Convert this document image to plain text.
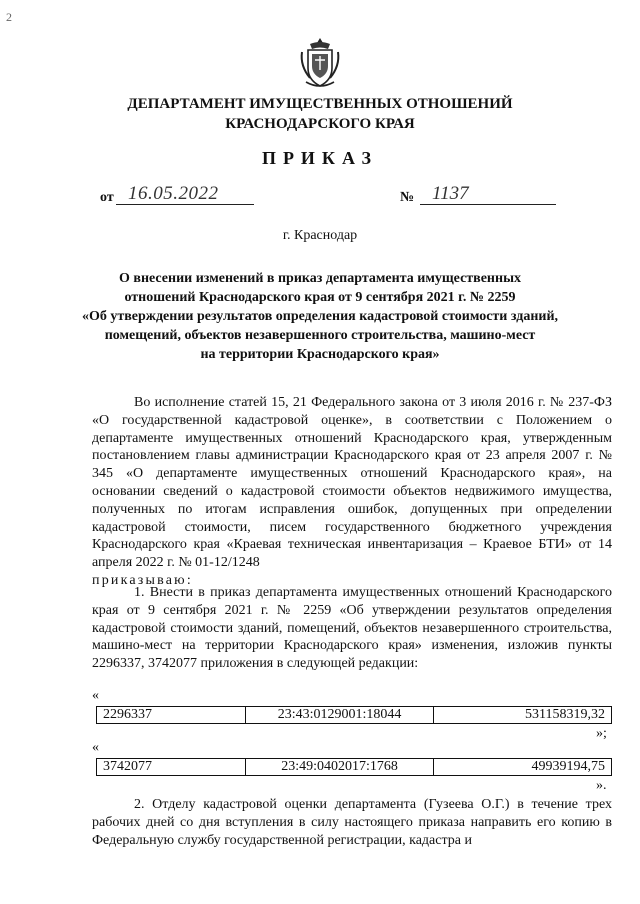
2
ДЕПАРТАМЕНТ ИМУЩЕСТВЕННЫХ ОТНОШЕНИЙ
КРАСНОДАРСКОГО КРАЯ
ПРИКАЗ
от 16.05.2022	№ 1137
г. Краснодар
О внесении изменений в приказ департамента имущественных
отношений Краснодарского края от 9 сентября 2021 г. № 2259
«Об утверждении результатов определения кадастровой стоимости зданий,
помещений, объектов незавершенного строительства, машино-мест
на территории Краснодарского края»
Во исполнение статей 15, 21 Федерального закона от 3 июля 2016 г. № 237-ФЗ «О государственной кадастровой оценке», в соответствии с Положением о департаменте имущественных отношений Краснодарского края, утвержденным постановлением главы администрации Краснодарского края от 23 апреля 2007 г. № 345 «О департаменте имущественных отношений Краснодарского края», на основании сведений о кадастровой стоимости объектов недвижимого имущества, полученных по итогам исправления ошибок, допущенных при определении кадастровой стоимости, писем государственного бюджетного учреждения Краснодарского края «Краевая техническая инвентаризация – Краевое БТИ» от 14 апреля 2022 г. № 01-12/1248
приказываю:
1. Внести в приказ департамента имущественных отношений Краснодарского края от 9 сентября 2021 г. № 2259 «Об утверждении результатов определения кадастровой стоимости зданий, помещений, объектов незавершенного строительства, машино-мест на территории Краснодарского края» изменения, изложив пункты 2296337, 3742077 приложения в следующей редакции:
«
2296337	23:43:0129001:18044	531158319,32
»;
«
3742077	23:49:0402017:1768	49939194,75
».
2. Отделу кадастровой оценки департамента (Гузеева О.Г.) в течение трех рабочих дней со дня вступления в силу настоящего приказа направить его копию в Федеральную службу государственной регистрации, кадастра и
